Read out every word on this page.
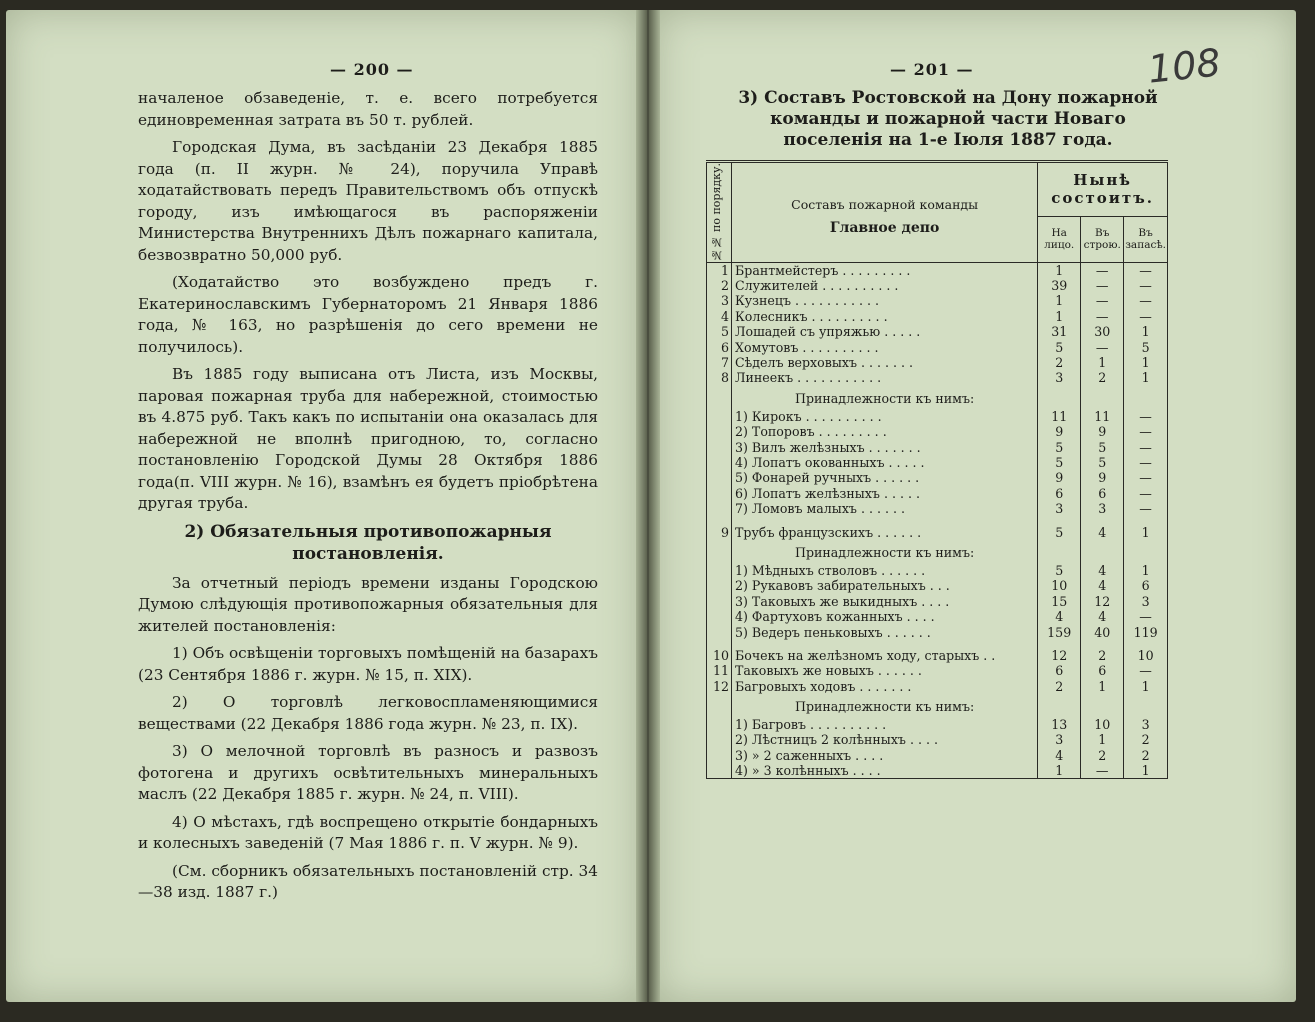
— 200 —	— 201 —	108

началеное обзаведеніе, т. е. всего потребуется единовременная затрата въ 50 т. рублей.

Городская Дума, въ засѣданіи 23 Декабря 1885 года (п. II журн. № 24), поручила Управѣ ходатайствовать передъ Правительствомъ объ отпускѣ городу, изъ имѣющагося въ распоряженіи Министерства Внутреннихъ Дѣлъ пожарнаго капитала, безвозвратно 50,000 руб.

(Ходатайство это возбуждено предъ г. Екатеринославскимъ Губернаторомъ 21 Января 1886 года, № 163, но разрѣшенія до сего времени не получилось).

Въ 1885 году выписана отъ Листа, изъ Москвы, паровая пожарная труба для набережной, стоимостью въ 4.875 руб. Такъ какъ по испытаніи она оказалась для набережной не вполнѣ пригодною, то, согласно постановленію Городской Думы 28 Октября 1886 года(п. VIII журн. № 16), взамѣнъ ея будетъ пріобрѣтена другая труба.

2) Обязательныя противопожарныя постановленія.

За отчетный періодъ времени изданы Городскою Думою слѣдующія противопожарныя обязательныя для жителей постановленія:

1) Объ освѣщеніи торговыхъ помѣщеній на базарахъ (23 Сентября 1886 г. журн. № 15, п. XIX).

2) О торговлѣ легковоспламеняющимися веществами (22 Декабря 1886 года журн. № 23, п. IX).

3) О мелочной торговлѣ въ разносъ и развозъ фотогена и другихъ освѣтительныхъ минеральныхъ маслъ (22 Декабря 1885 г. журн. № 24, п. VIII).

4) О мѣстахъ, гдѣ воспрещено открытіе бондарныхъ и колесныхъ заведеній (7 Мая 1886 г. п. V журн. № 9).

(См. сборникъ обязательныхъ постановленій стр. 34—38 изд. 1887 г.)

3) Составъ Ростовской на Дону пожарной команды и пожарной части Новаго поселенія на 1-е Іюля 1887 года.
№№ по порядку.	Составъ пожарной команды
Главное депо	Нынѣ состоитъ.		
		На лицо.	Въ строю.	Въ запасѣ.
1	Брантмейстеръ . . . . . . . . .	1	—	—
2	Служителей . . . . . . . . . .	39	—	—
3	Кузнецъ . . . . . . . . . . .	1	—	—
4	Колесникъ . . . . . . . . . .	1	—	—
5	Лошадей съ упряжью . . . . .	31	30	1
6	Хомутовъ . . . . . . . . . .	5	—	5
7	Сѣделъ верховыхъ . . . . . . .	2	1	1
8	Линеекъ . . . . . . . . . . .	3	2	1
	Принадлежности къ нимъ:			
	1) Кирокъ . . . . . . . . . .	11	11	—
	2) Топоровъ . . . . . . . . .	9	9	—
	3) Вилъ желѣзныхъ . . . . . . .	5	5	—
	4) Лопатъ окованныхъ . . . . .	5	5	—
	5) Фонарей ручныхъ . . . . . .	9	9	—
	6) Лопатъ желѣзныхъ . . . . .	6	6	—
	7) Ломовъ малыхъ . . . . . .	3	3	—

9	Трубъ французскихъ . . . . . .	5	4	1
	Принадлежности къ нимъ:			
	1) Мѣдныхъ стволовъ . . . . . .	5	4	1
	2) Рукавовъ забирательныхъ . . .	10	4	6
	3) Таковыхъ же выкидныхъ . . . .	15	12	3
	4) Фартуховъ кожанныхъ . . . .	4	4	—
	5) Ведеръ пеньковыхъ . . . . . .	159	40	119

10	Бочекъ на желѣзномъ ходу, старыхъ . .	12	2	10
11	Таковыхъ же новыхъ . . . . . .	6	6	—
12	Багровыхъ ходовъ . . . . . . .	2	1	1
	Принадлежности къ нимъ:			
	1) Багровъ . . . . . . . . . .	13	10	3
	2) Лѣстницъ 2 колѣнныхъ . . . .	3	1	2
	3) » 2 саженныхъ . . . .	4	2	2
	4) » 3 колѣнныхъ . . . .	1	—	1
